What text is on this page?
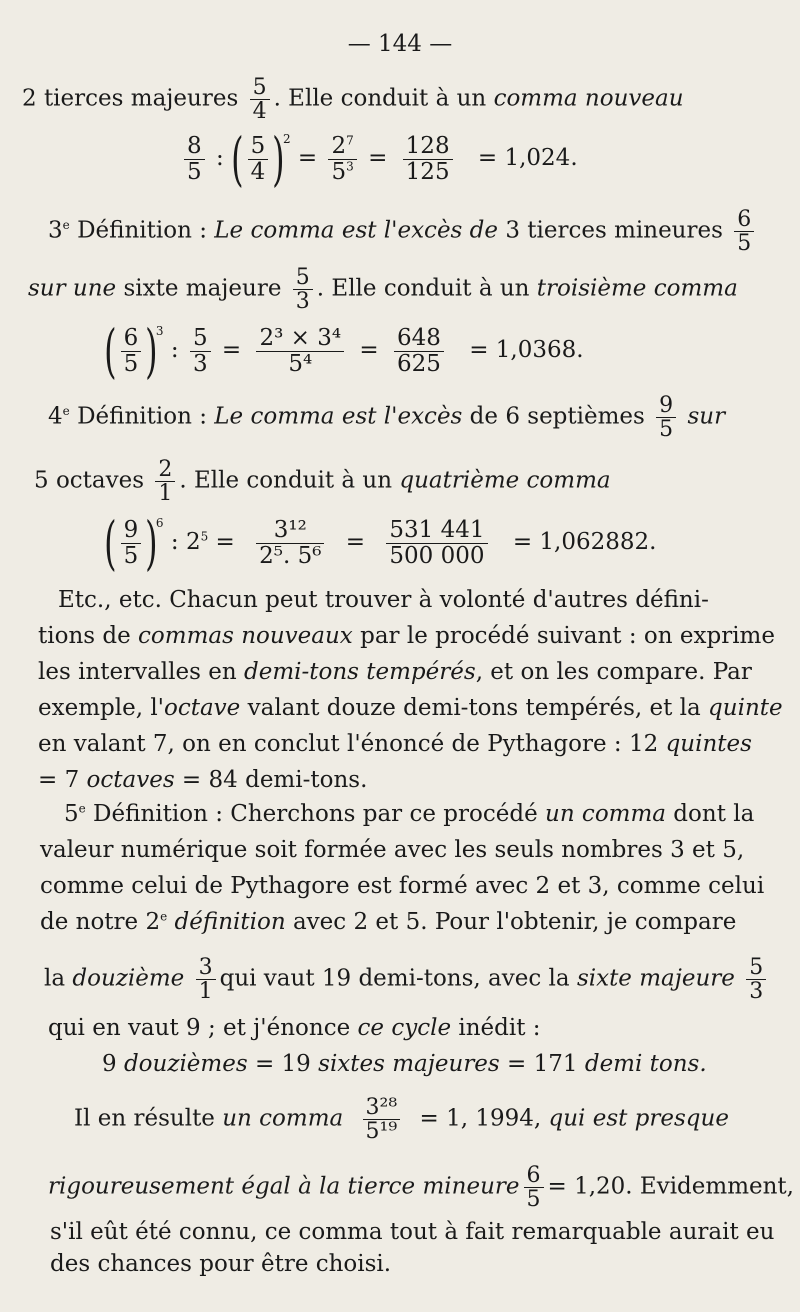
— 144 —
2 tierces majeures $\frac{5}{4}$ . Elle conduit à un comma nouveau
$\frac{8}{5}$ : ( $\frac{5}{4} )^2 = \frac{2^7}{5^3} = \frac{128}{125} = 1,024$.
3e Définition : Le comma est l'excès de 3 tierces mineures $\frac{6}{5}$
sur une sixte majeure $\frac{5}{3}$ . Elle conduit à un troisième comma
( $\frac{6}{5} )^3$ : $\frac{5}{3} = \frac{\text{2³ × 3⁴}}{\text{5⁴}} = \frac{648}{625} = 1,0368$.
4e Définition : Le comma est l'excès de 6 septièmes $\frac{9}{5}$ sur
5 octaves $\frac{2}{1}$ . Elle conduit à un quatrième comma
( $\frac{9}{5} )^6$ : $2^5 = \frac{\text{3¹²}}{\text{2⁵. 5⁶}} = \frac{531 441}{500 000} = 1,062882$.
Etc., etc. Chacun peut trouver à volonté d'autres défini-
tions de commas nouveaux par le procédé suivant : on exprime
les intervalles en demi-tons tempérés, et on les compare. Par
exemple, l'octave valant douze demi-tons tempérés, et la quinte
en valant 7, on en conclut l'énoncé de Pythagore : 12 quintes
= 7 octaves = 84 demi-tons.
5e Définition : Cherchons par ce procédé un comma dont la
valeur numérique soit formée avec les seuls nombres 3 et 5,
comme celui de Pythagore est formé avec 2 et 3, comme celui
de notre 2e définition avec 2 et 5. Pour l'obtenir, je compare
la douzième $\frac{3}{1}$ qui vaut 19 demi-tons, avec la sixte majeure $\frac{5}{3}$
qui en vaut 9 ; et j'énonce ce cycle inédit :
9 douzièmes = 19 sixtes majeures = 171 demi tons.
Il en résulte un comma $\frac{\text{3²⁸}}{\text{5¹⁹}} = 1$, 1994, qui est presque
rigoureusement égal à la tierce mineure $\frac{6}{5} = 1,20$. Evidemment,
s'il eût été connu, ce comma tout à fait remarquable aurait eu
des chances pour être choisi.
